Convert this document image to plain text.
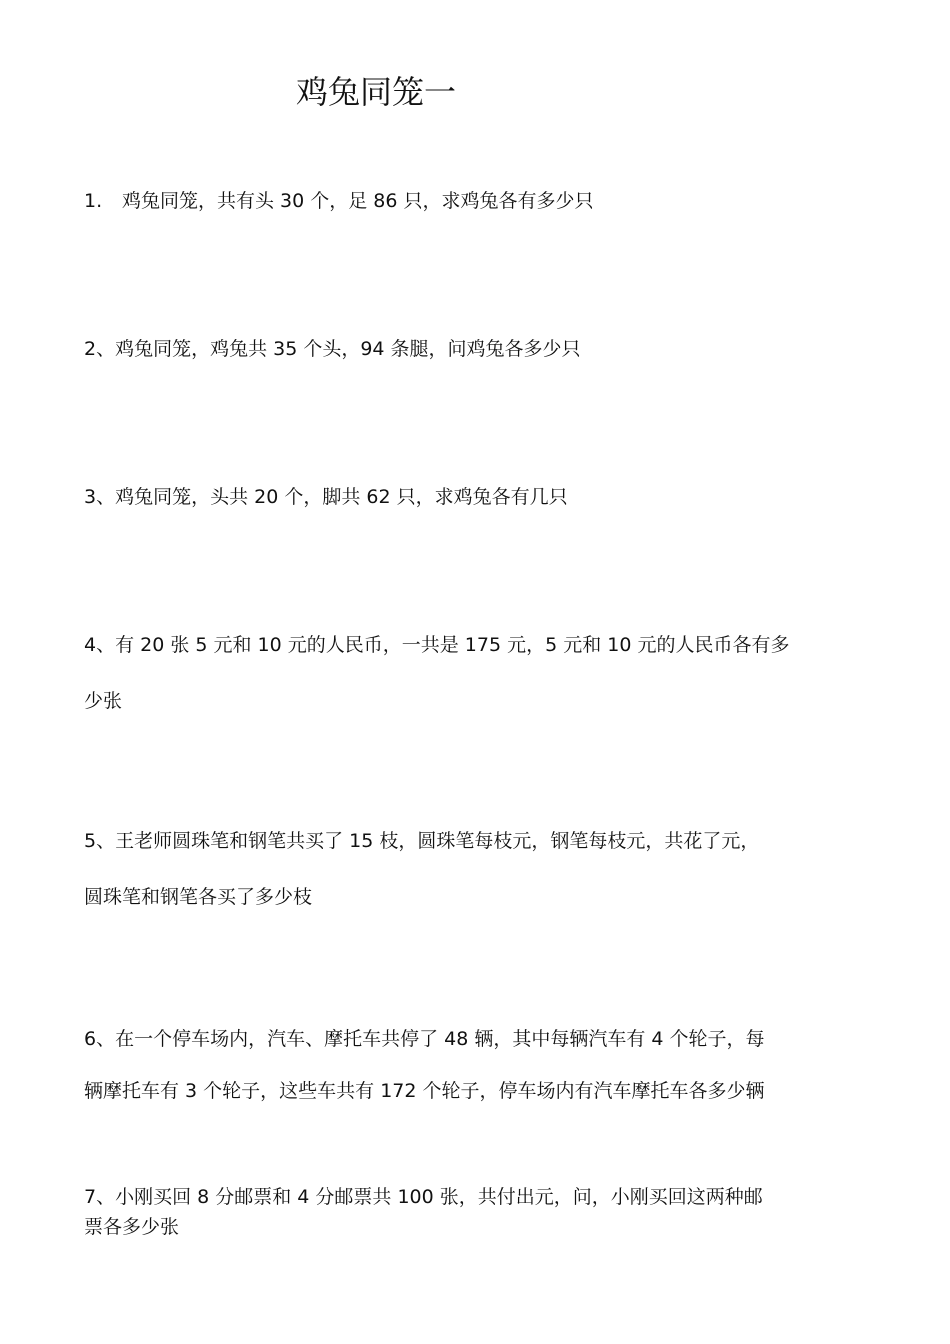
鸡兔同笼一

1. 鸡兔同笼，共有头 30 个，足 86 只，求鸡兔各有多少只

2、鸡兔同笼，鸡兔共 35 个头，94 条腿，问鸡兔各多少只

3、鸡兔同笼，头共 20 个，脚共 62 只，求鸡兔各有几只

4、有 20 张 5 元和 10 元的人民币，一共是 175 元，5 元和 10 元的人民币各有多

少张

5、王老师圆珠笔和钢笔共买了 15 枝，圆珠笔每枝元，钢笔每枝元，共花了元，

圆珠笔和钢笔各买了多少枝

6、在一个停车场内，汽车、摩托车共停了 48 辆，其中每辆汽车有 4 个轮子，每

辆摩托车有 3 个轮子，这些车共有 172 个轮子，停车场内有汽车摩托车各多少辆

7、小刚买回 8 分邮票和 4 分邮票共 100 张，共付出元，问，小刚买回这两种邮

票各多少张
